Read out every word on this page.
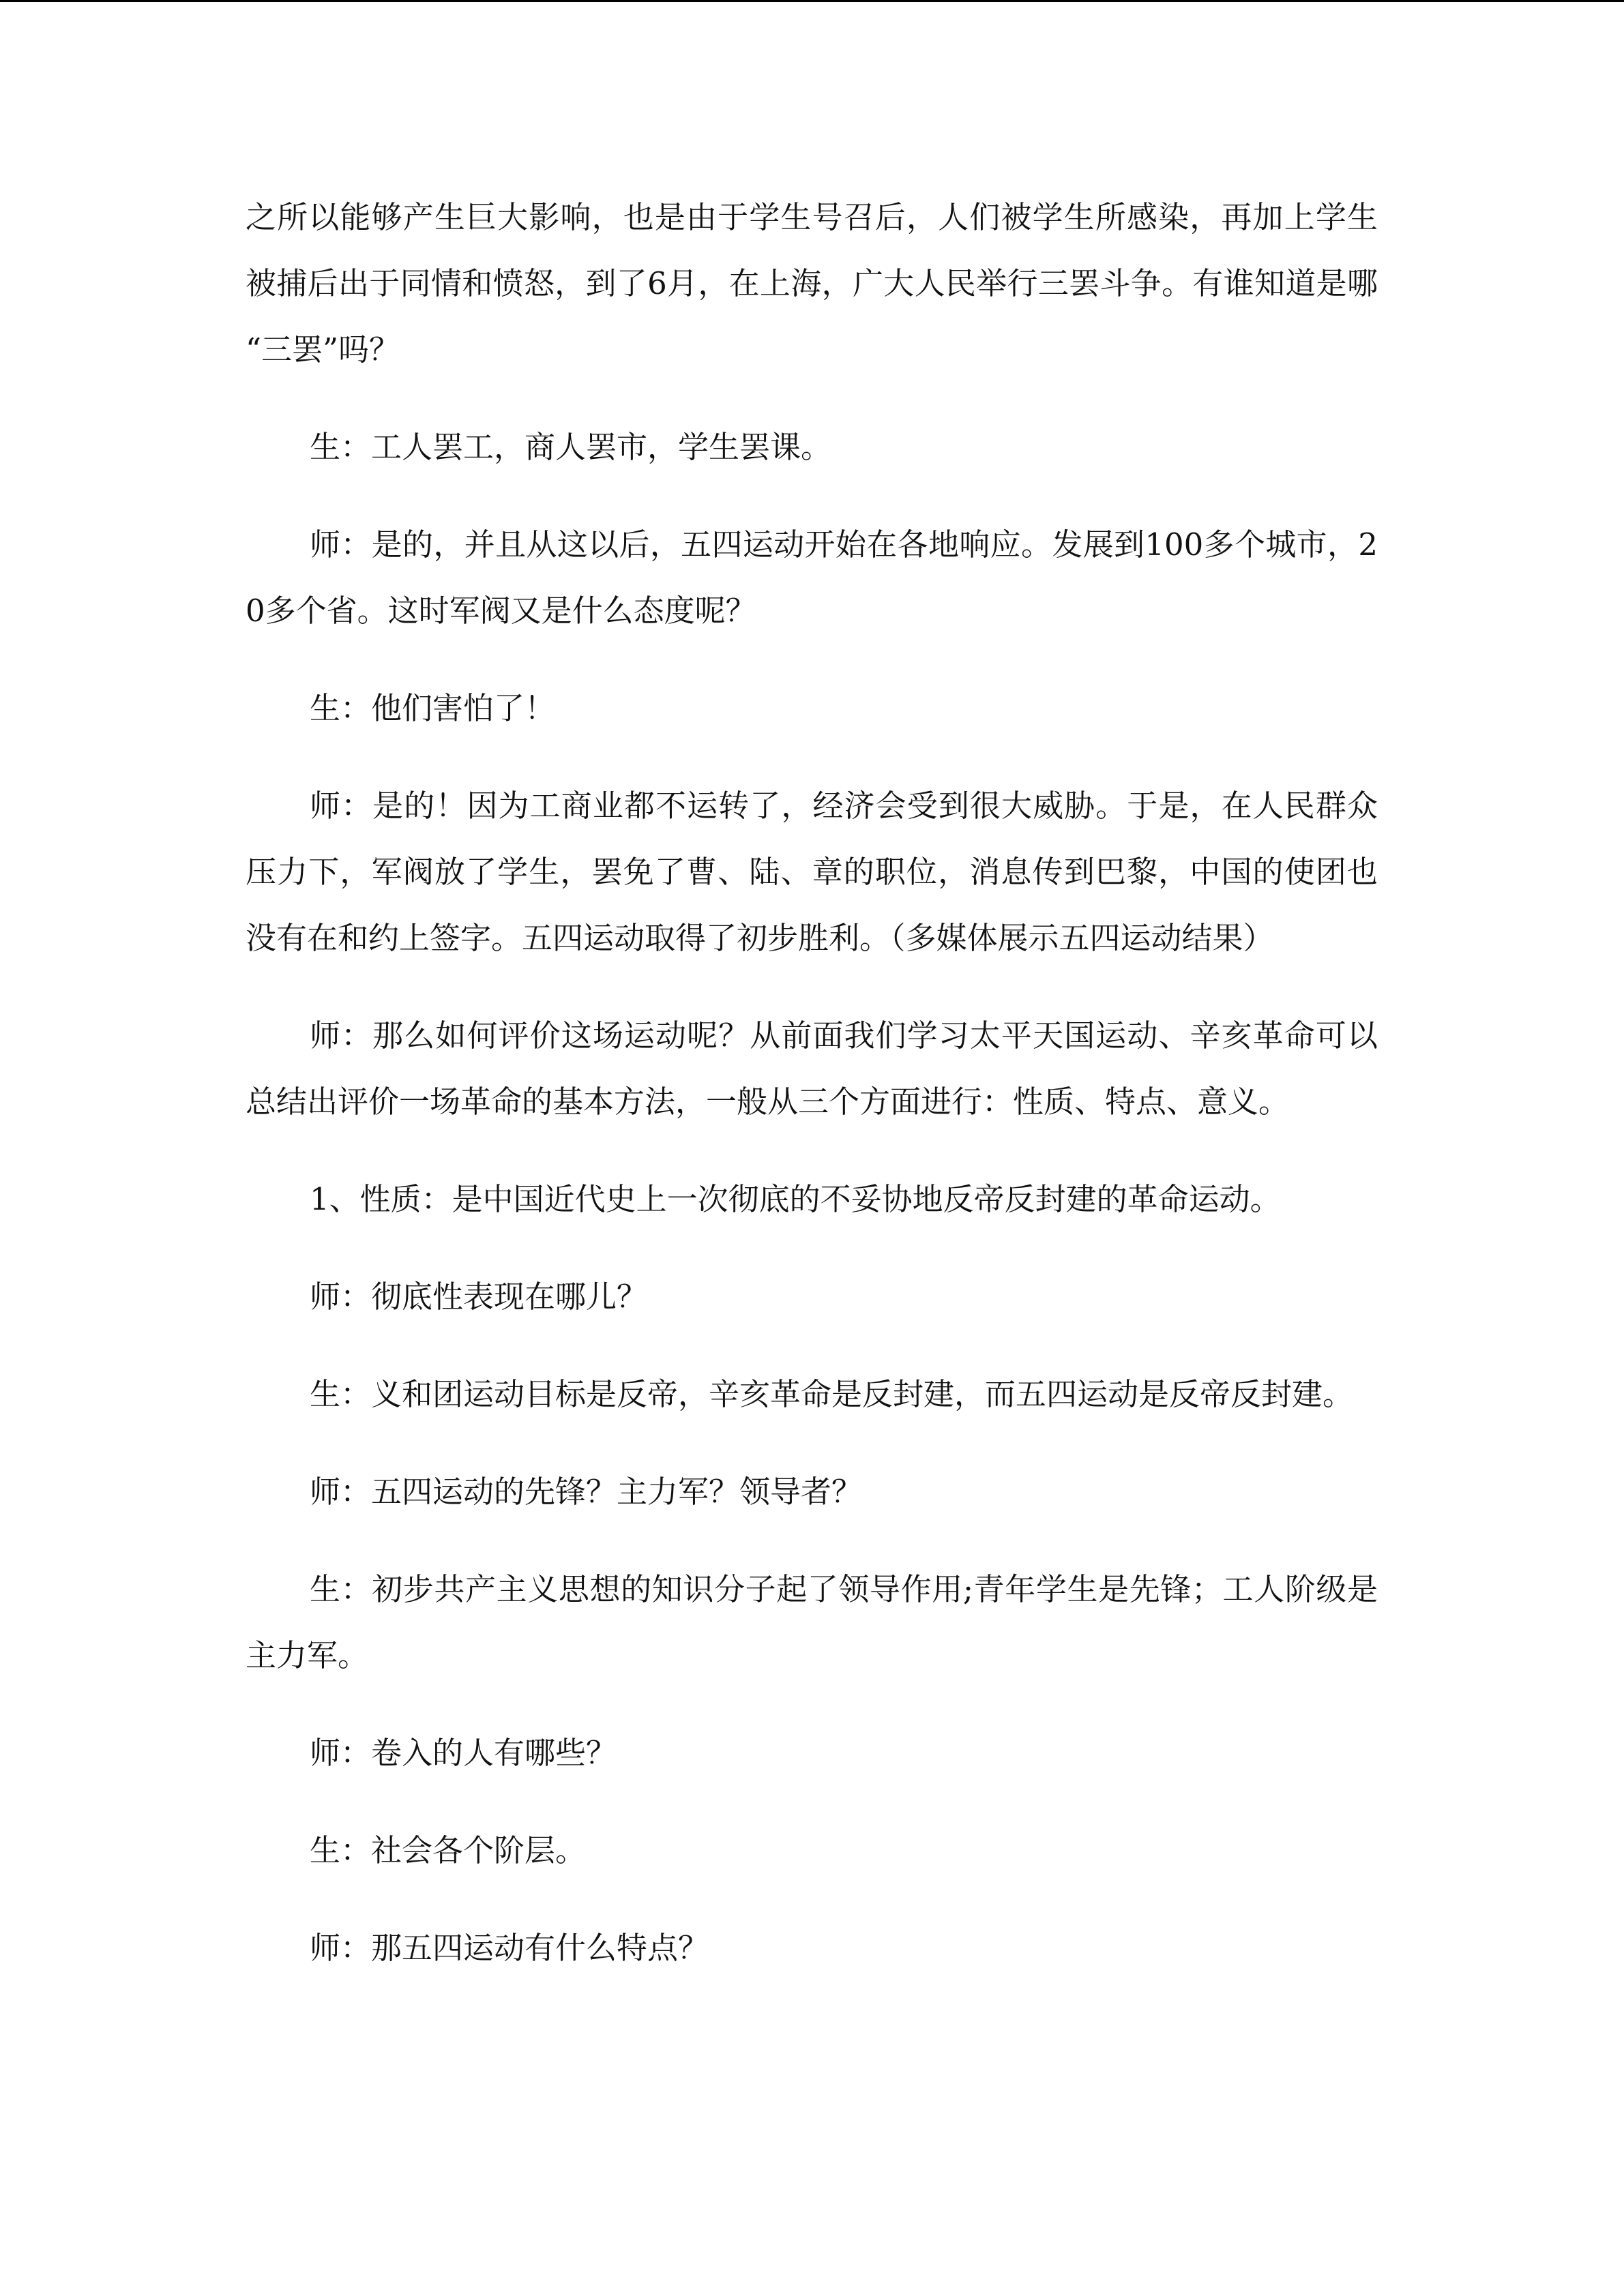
之所以能够产生巨大影响，也是由于学生号召后，人们被学生所感染，再加上学生被捕后出于同情和愤怒，到了6月，在上海，广大人民举行三罢斗争。有谁知道是哪“三罢”吗？

生：工人罢工，商人罢市，学生罢课。

师：是的，并且从这以后，五四运动开始在各地响应。发展到100多个城市，20多个省。这时军阀又是什么态度呢？

生：他们害怕了！

师：是的！因为工商业都不运转了，经济会受到很大威胁。于是，在人民群众压力下，军阀放了学生，罢免了曹、陆、章的职位，消息传到巴黎，中国的使团也没有在和约上签字。五四运动取得了初步胜利。（多媒体展示五四运动结果）

师：那么如何评价这场运动呢？从前面我们学习太平天国运动、辛亥革命可以总结出评价一场革命的基本方法，一般从三个方面进行：性质、特点、意义。

1、性质：是中国近代史上一次彻底的不妥协地反帝反封建的革命运动。

师：彻底性表现在哪儿？

生：义和团运动目标是反帝，辛亥革命是反封建，而五四运动是反帝反封建。

师：五四运动的先锋？主力军？领导者？

生：初步共产主义思想的知识分子起了领导作用;青年学生是先锋；工人阶级是主力军。

师：卷入的人有哪些？

生：社会各个阶层。

师：那五四运动有什么特点？
